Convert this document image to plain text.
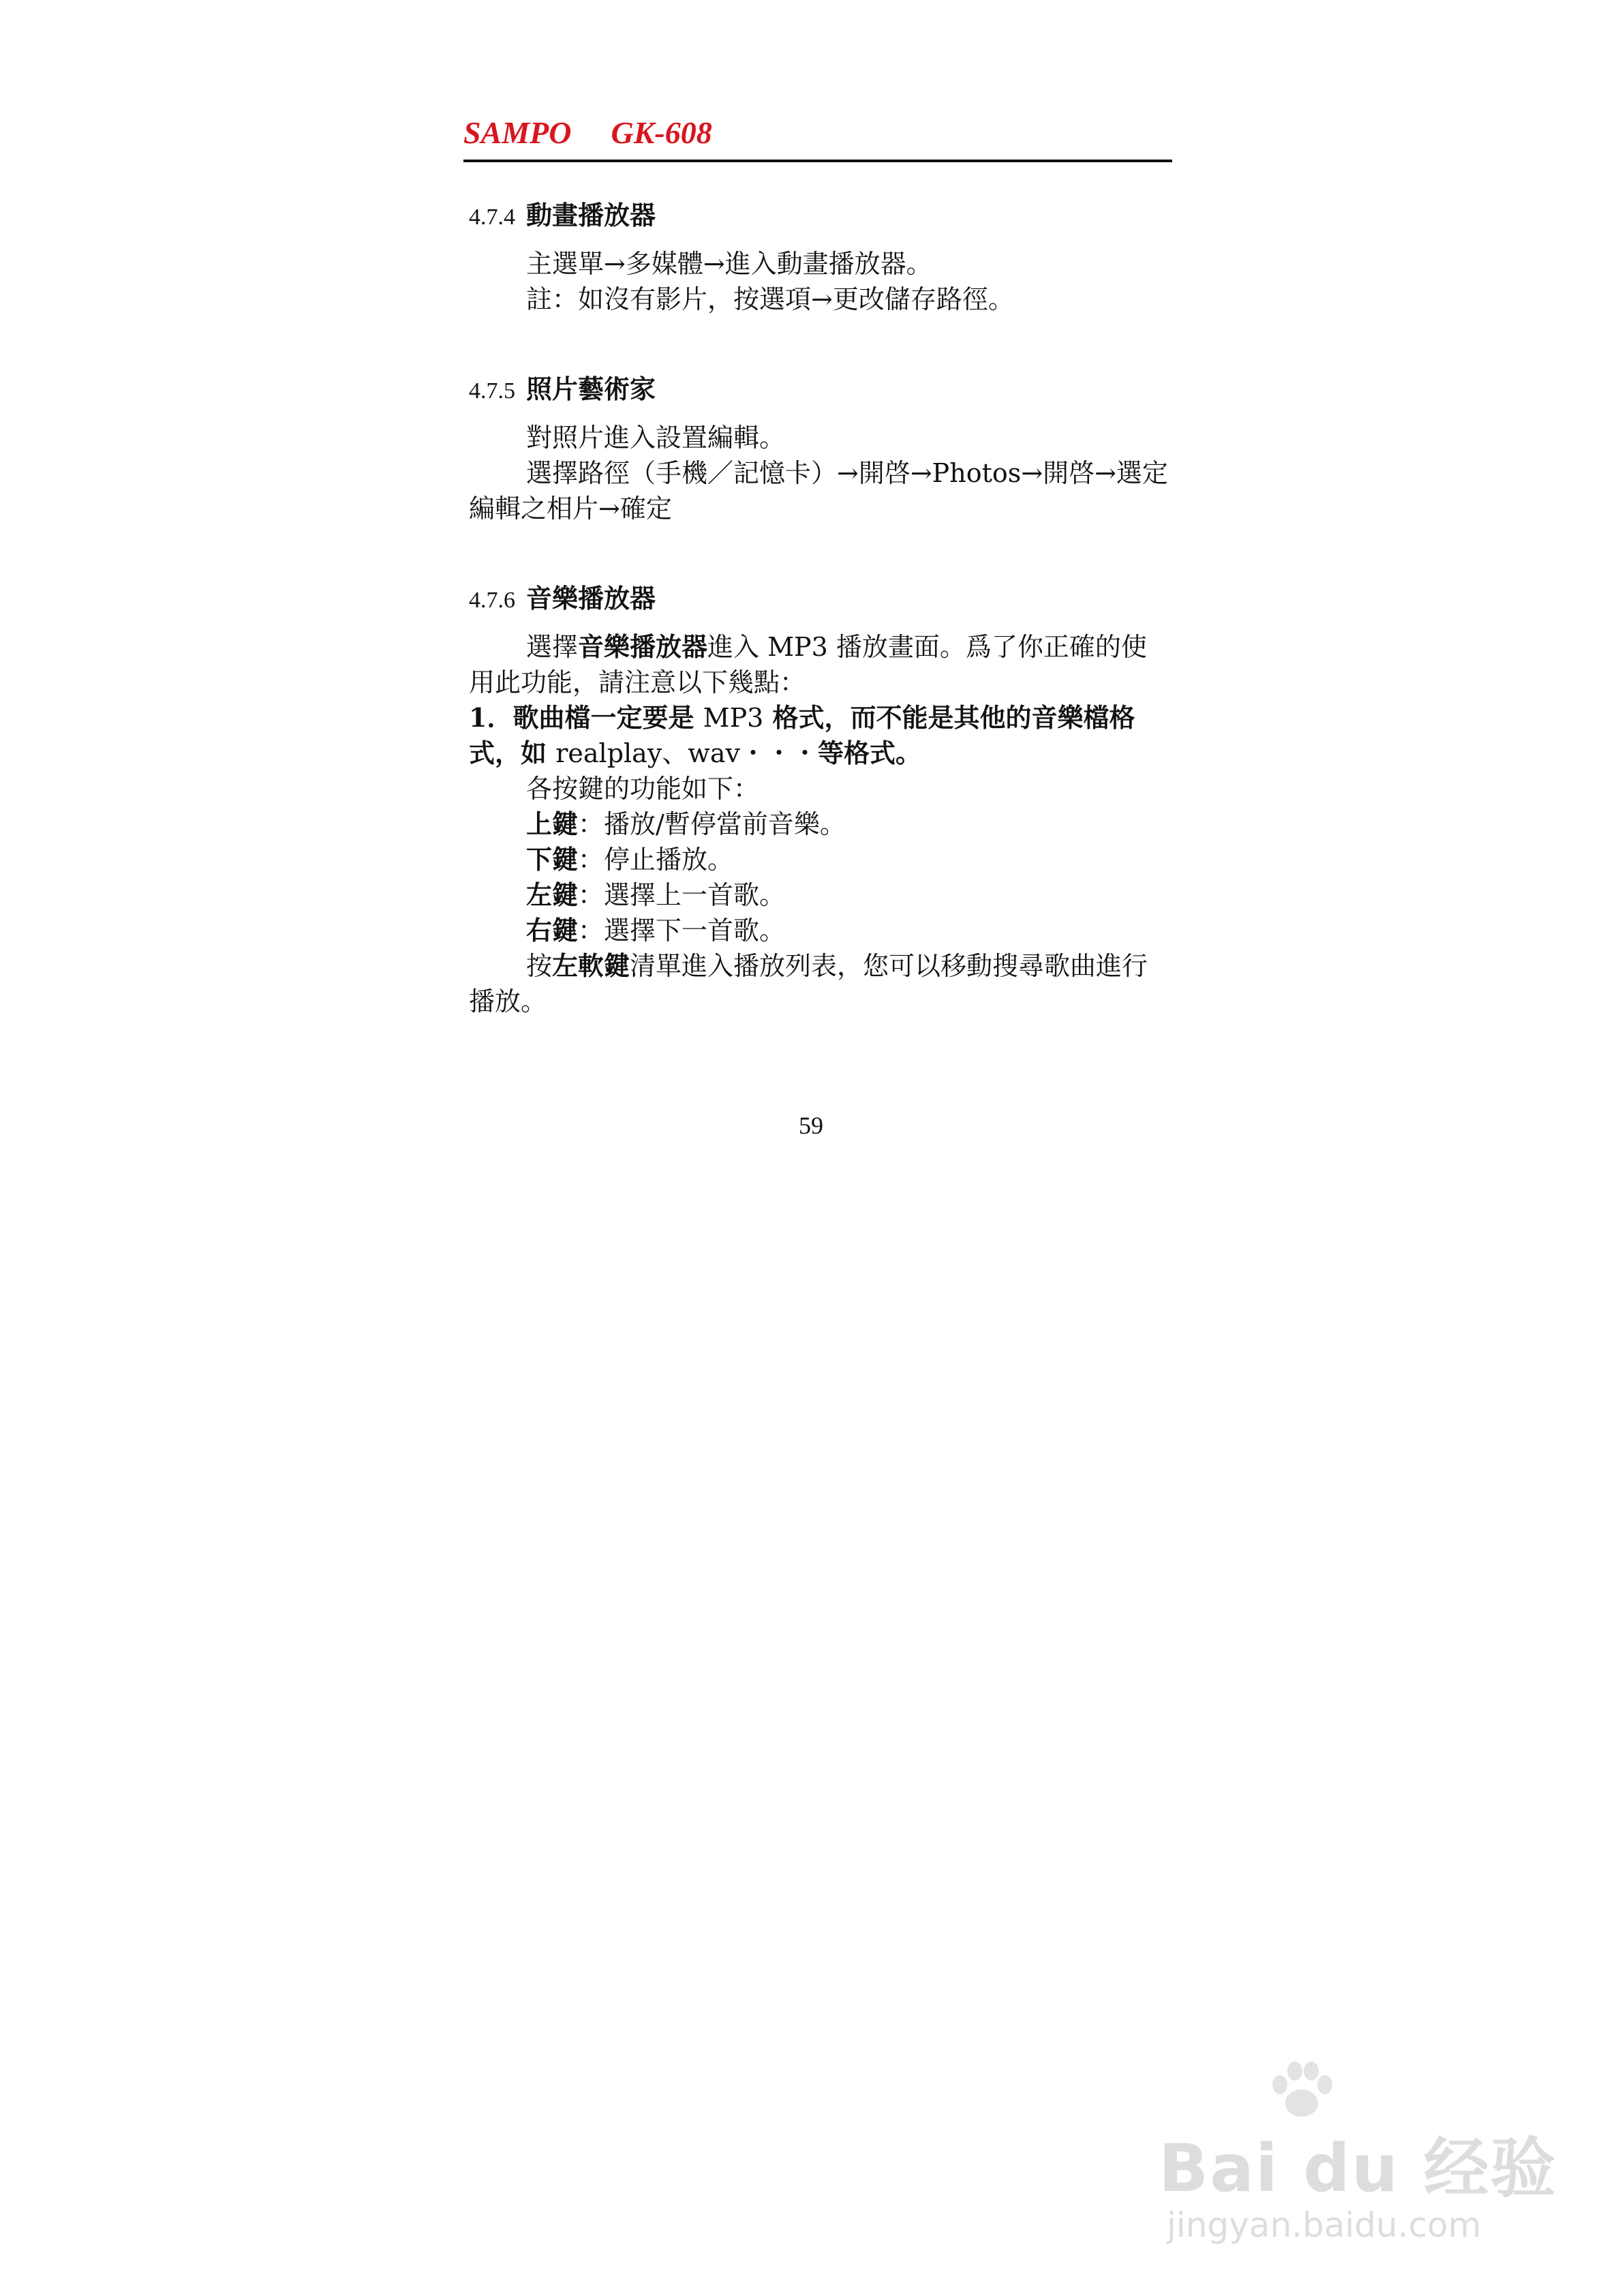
SAMPO GK-608

4.7.4 動畫播放器

主選單→多媒體→進入動畫播放器。

註：如沒有影片，按選項→更改儲存路徑。

4.7.5 照片藝術家

對照片進入設置編輯。

選擇路徑（手機／記憶卡）→開啓→Photos→開啓→選定編輯之相片→確定

4.7.6 音樂播放器

選擇音樂播放器進入 MP3 播放畫面。爲了你正確的使用此功能，請注意以下幾點：

1．歌曲檔一定要是 MP3 格式，而不能是其他的音樂檔格式，如 realplay、wav・・・等格式。

各按鍵的功能如下：

上鍵：播放/暫停當前音樂。

下鍵：停止播放。

左鍵：選擇上一首歌。

右鍵：選擇下一首歌。

按左軟鍵清單進入播放列表，您可以移動搜尋歌曲進行播放。

59
Bai du 经验
jingyan.baidu.com
